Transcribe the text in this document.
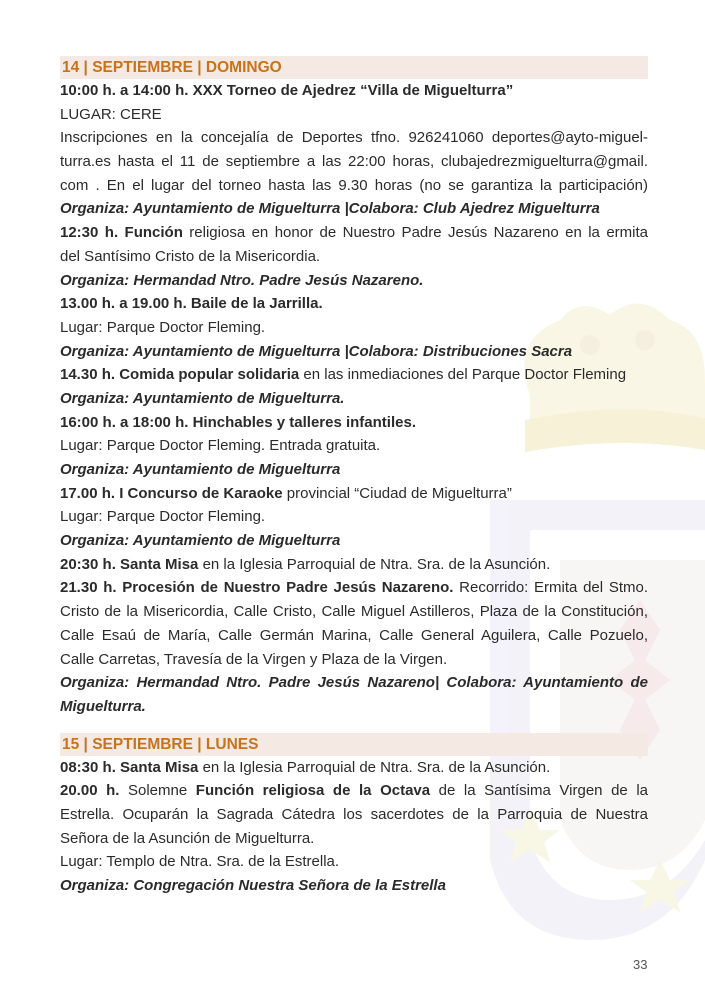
14 | SEPTIEMBRE | DOMINGO
10:00 h. a 14:00 h. XXX Torneo de Ajedrez “Villa de Miguelturra”
LUGAR: CERE
Inscripciones en la concejalía de Deportes tfno. 926241060 deportes@ayto-miguel-
turra.es hasta el 11 de septiembre a las 22:00 horas, clubajedrezmiguelturra@gmail.
com . En el lugar del torneo hasta las 9.30 horas (no se garantiza la participación)
Organiza: Ayuntamiento de Miguelturra |Colabora: Club Ajedrez Miguelturra
12:30 h. Función religiosa en honor de Nuestro Padre Jesús Nazareno en la ermita
del Santísimo Cristo de la Misericordia.
Organiza: Hermandad Ntro. Padre Jesús Nazareno.
13.00 h. a 19.00 h. Baile de la Jarrilla.
Lugar: Parque Doctor Fleming.
Organiza: Ayuntamiento de Miguelturra |Colabora: Distribuciones Sacra
14.30 h. Comida popular solidaria en las inmediaciones del Parque Doctor Fleming
Organiza: Ayuntamiento de Miguelturra.
16:00 h. a 18:00 h. Hinchables y talleres infantiles.
Lugar: Parque Doctor Fleming. Entrada gratuita.
Organiza: Ayuntamiento de Miguelturra
17.00 h. I Concurso de Karaoke provincial “Ciudad de Miguelturra”
Lugar: Parque Doctor Fleming.
Organiza: Ayuntamiento de Miguelturra
20:30 h. Santa Misa en la Iglesia Parroquial de Ntra. Sra. de la Asunción.
21.30 h. Procesión de Nuestro Padre Jesús Nazareno. Recorrido: Ermita del Stmo.
Cristo de la Misericordia, Calle Cristo, Calle Miguel Astilleros, Plaza de la Constitución,
Calle Esaú de María, Calle Germán Marina, Calle General Aguilera, Calle Pozuelo,
Calle Carretas, Travesía de la Virgen y Plaza de la Virgen.
Organiza: Hermandad Ntro. Padre Jesús Nazareno| Colabora: Ayuntamiento de
Miguelturra.
15 | SEPTIEMBRE | LUNES
08:30 h. Santa Misa en la Iglesia Parroquial de Ntra. Sra. de la Asunción.
20.00 h. Solemne Función religiosa de la Octava de la Santísima Virgen de la
Estrella. Ocuparán la Sagrada Cátedra los sacerdotes de la Parroquia de Nuestra
Señora de la Asunción de Miguelturra.
Lugar: Templo de Ntra. Sra. de la Estrella.
Organiza: Congregación Nuestra Señora de la Estrella
33
